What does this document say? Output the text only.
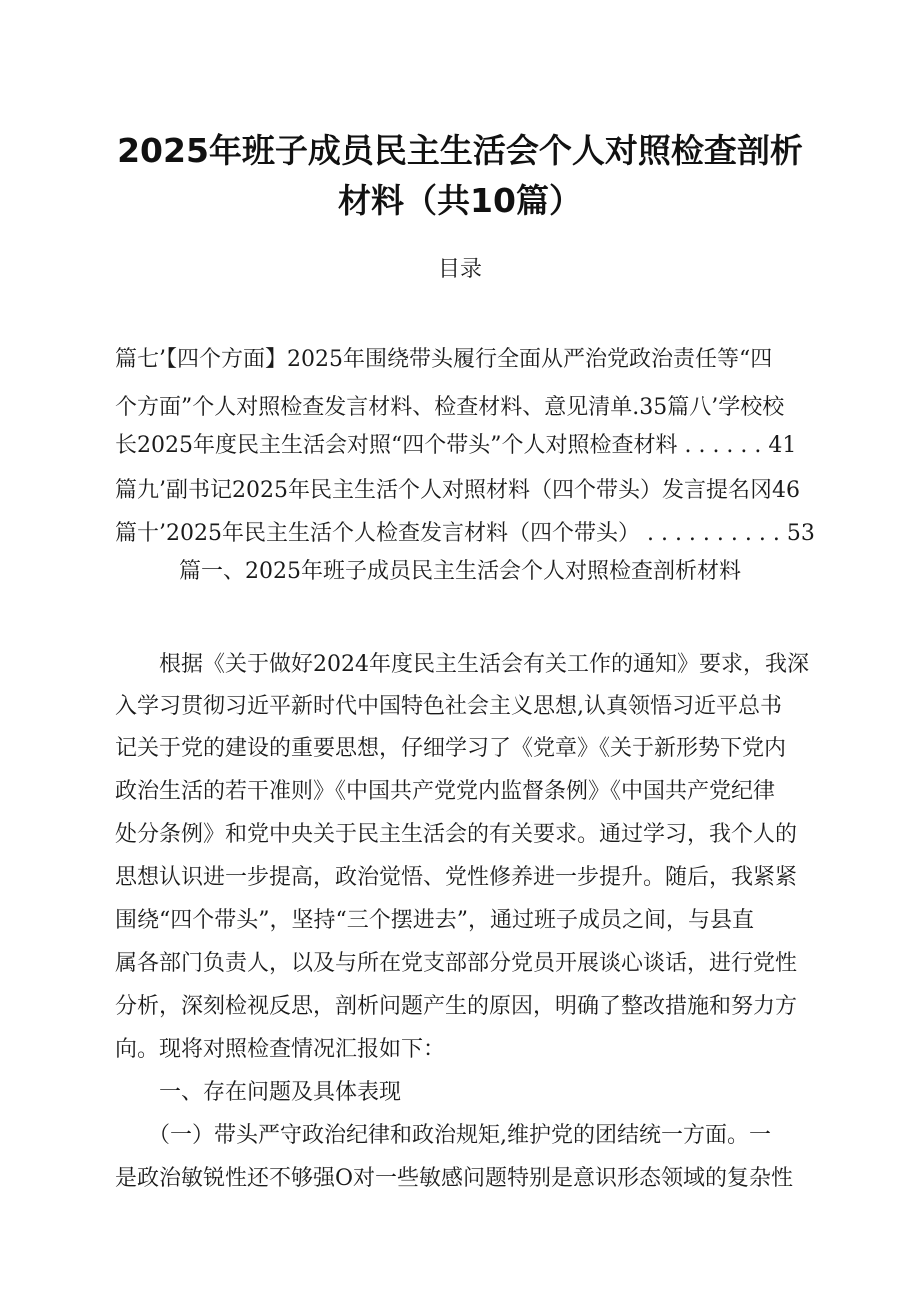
2025年班子成员民主生活会个人对照检查剖析
材料（共10篇）
目录
篇七’【四个方面】2025年围绕带头履行全面从严治党政治责任等“四
个方面”个人对照检查发言材料、检查材料、意见清单.35篇八’学校校
长2025年度民主生活会对照“四个带头”个人对照检查材料 . . . . . . 41
篇九’副书记2025年民主生活个人对照材料（四个带头）发言提名冈46
篇十’2025年民主生活个人检查发言材料（四个带头） . . . . . . . . . . 53
篇一、2025年班子成员民主生活会个人对照检查剖析材料
　　根据《关于做好2024年度民主生活会有关工作的通知》要求，我深
入学习贯彻习近平新时代中国特色社会主义思想,认真领悟习近平总书
记关于党的建设的重要思想，仔细学习了《党章》《关于新形势下党内
政治生活的若干准则》《中国共产党党内监督条例》《中国共产党纪律
处分条例》和党中央关于民主生活会的有关要求。通过学习，我个人的
思想认识进一步提高，政治觉悟、党性修养进一步提升。随后，我紧紧
围绕“四个带头”，坚持“三个摆进去”，通过班子成员之间，与县直
属各部门负责人，以及与所在党支部部分党员开展谈心谈话，进行党性
分析，深刻检视反思，剖析问题产生的原因，明确了整改措施和努力方
向。现将对照检查情况汇报如下：
　　一、存在问题及具体表现
　　（一）带头严守政治纪律和政治规矩,维护党的团结统一方面。一
是政治敏锐性还不够强O对一些敏感问题特别是意识形态领域的复杂性
